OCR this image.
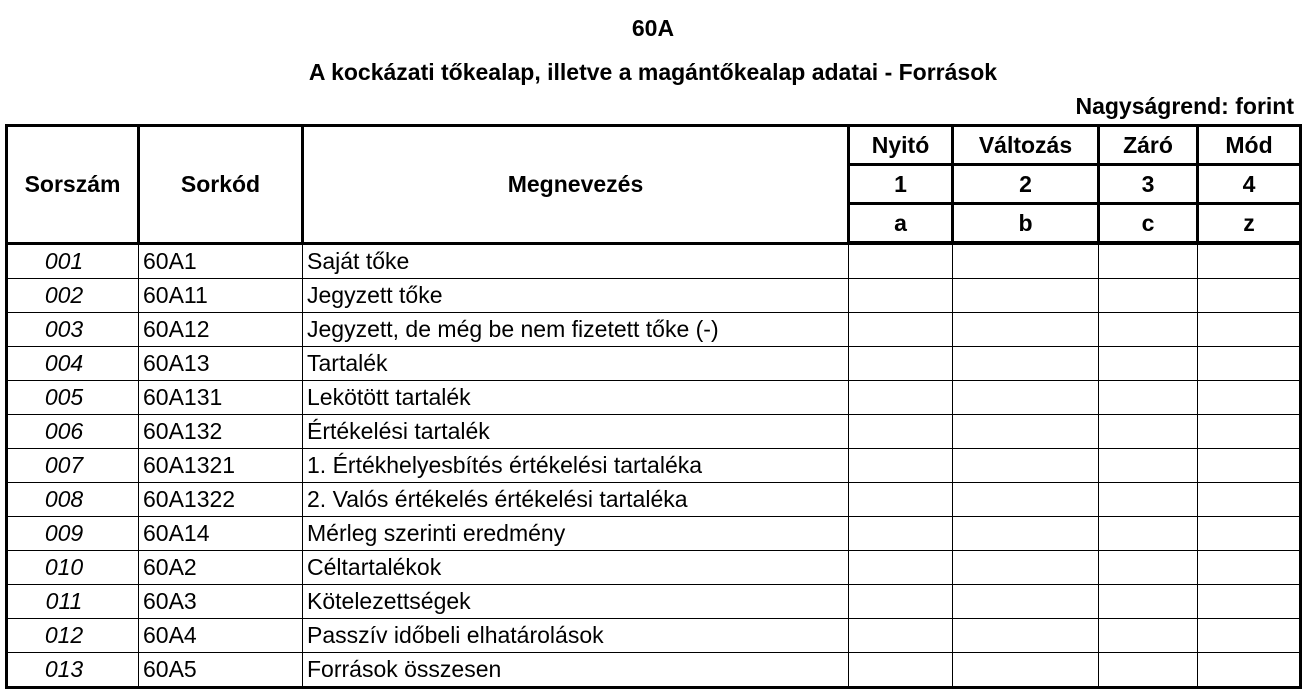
60A
A kockázati tőkealap, illetve a magántőkealap adatai - Források
Nagyságrend: forint
Sorszám	Sorkód	Megnevezés	Nyitó	Változás	Záró	Mód
			1	2	3	4
			a	b	c	z
001	60A1	Saját tőke				
002	60A11	Jegyzett tőke				
003	60A12	Jegyzett, de még be nem fizetett tőke (-)				
004	60A13	Tartalék				
005	60A131	Lekötött tartalék				
006	60A132	Értékelési tartalék				
007	60A1321	1. Értékhelyesbítés értékelési tartaléka				
008	60A1322	2. Valós értékelés értékelési tartaléka				
009	60A14	Mérleg szerinti eredmény				
010	60A2	Céltartalékok				
011	60A3	Kötelezettségek				
012	60A4	Passzív időbeli elhatárolások				
013	60A5	Források összesen				
